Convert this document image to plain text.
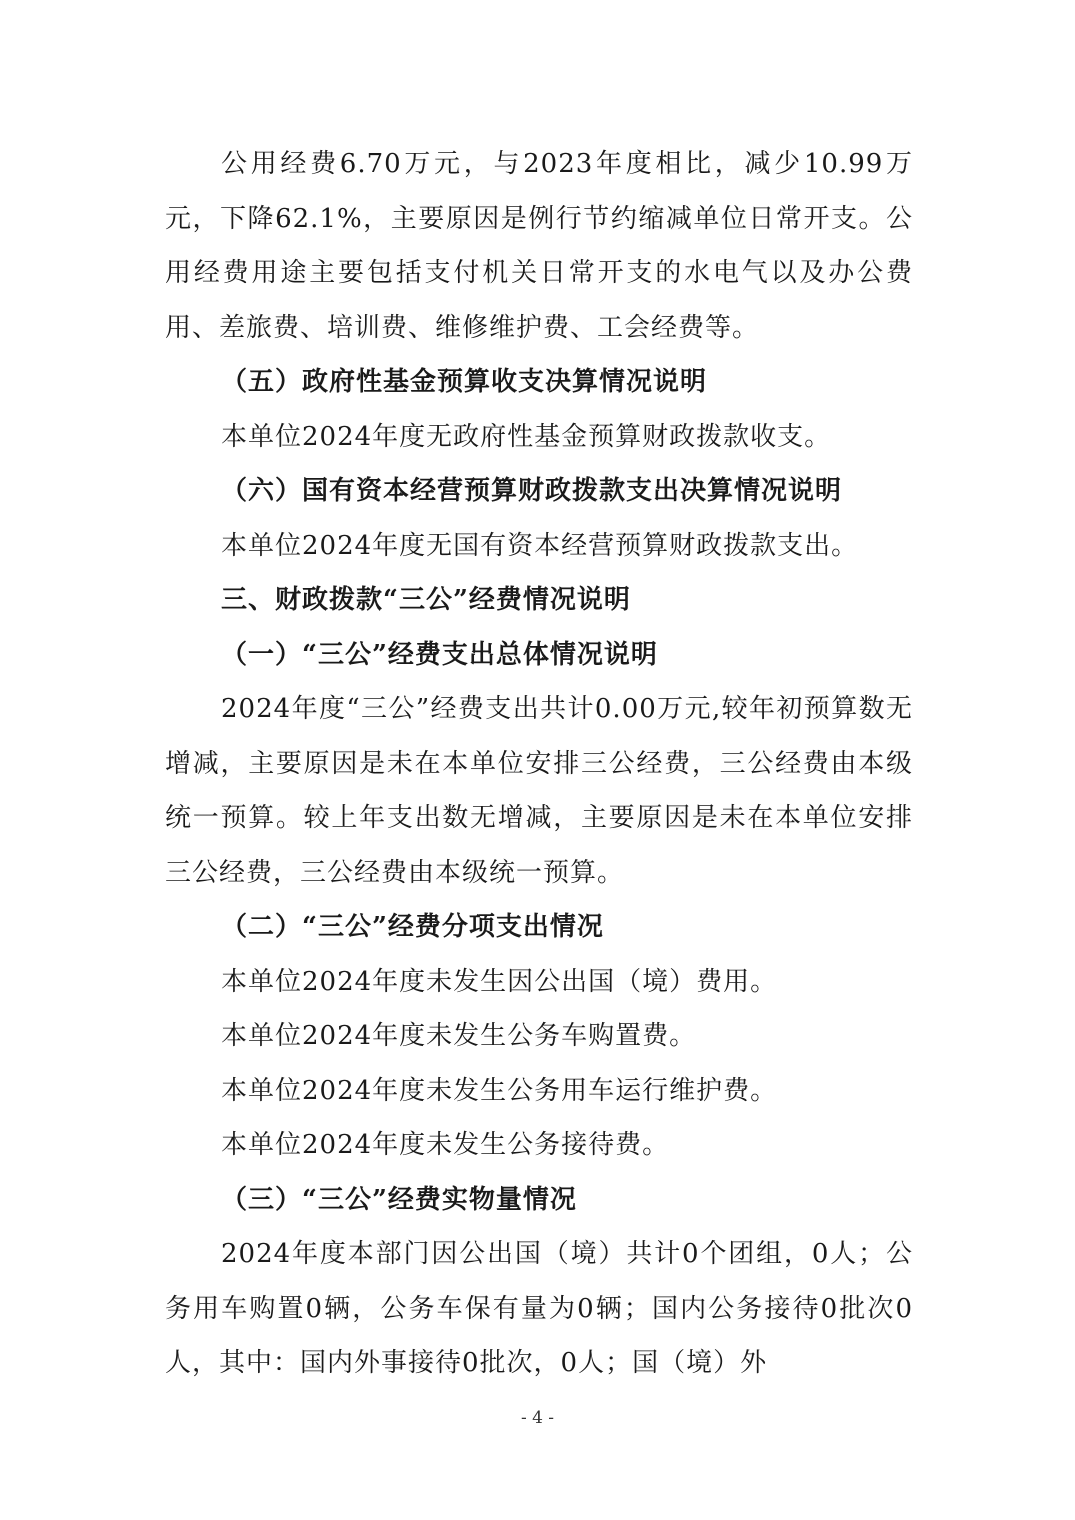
公用经费6.70万元，与2023年度相比，减少10.99万元，下降62.1%，主要原因是例行节约缩减单位日常开支。公用经费用途主要包括支付机关日常开支的水电气以及办公费用、差旅费、培训费、维修维护费、工会经费等。

（五）政府性基金预算收支决算情况说明

本单位2024年度无政府性基金预算财政拨款收支。

（六）国有资本经营预算财政拨款支出决算情况说明

本单位2024年度无国有资本经营预算财政拨款支出。

三、财政拨款“三公”经费情况说明

（一）“三公”经费支出总体情况说明

2024年度“三公”经费支出共计0.00万元,较年初预算数无增减，主要原因是未在本单位安排三公经费，三公经费由本级统一预算。较上年支出数无增减，主要原因是未在本单位安排三公经费，三公经费由本级统一预算。

（二）“三公”经费分项支出情况

本单位2024年度未发生因公出国（境）费用。

本单位2024年度未发生公务车购置费。

本单位2024年度未发生公务用车运行维护费。

本单位2024年度未发生公务接待费。

（三）“三公”经费实物量情况

2024年度本部门因公出国（境）共计0个团组，0人；公务用车购置0辆，公务车保有量为0辆；国内公务接待0批次0人，其中：国内外事接待0批次，0人；国（境）外

- 4 -
